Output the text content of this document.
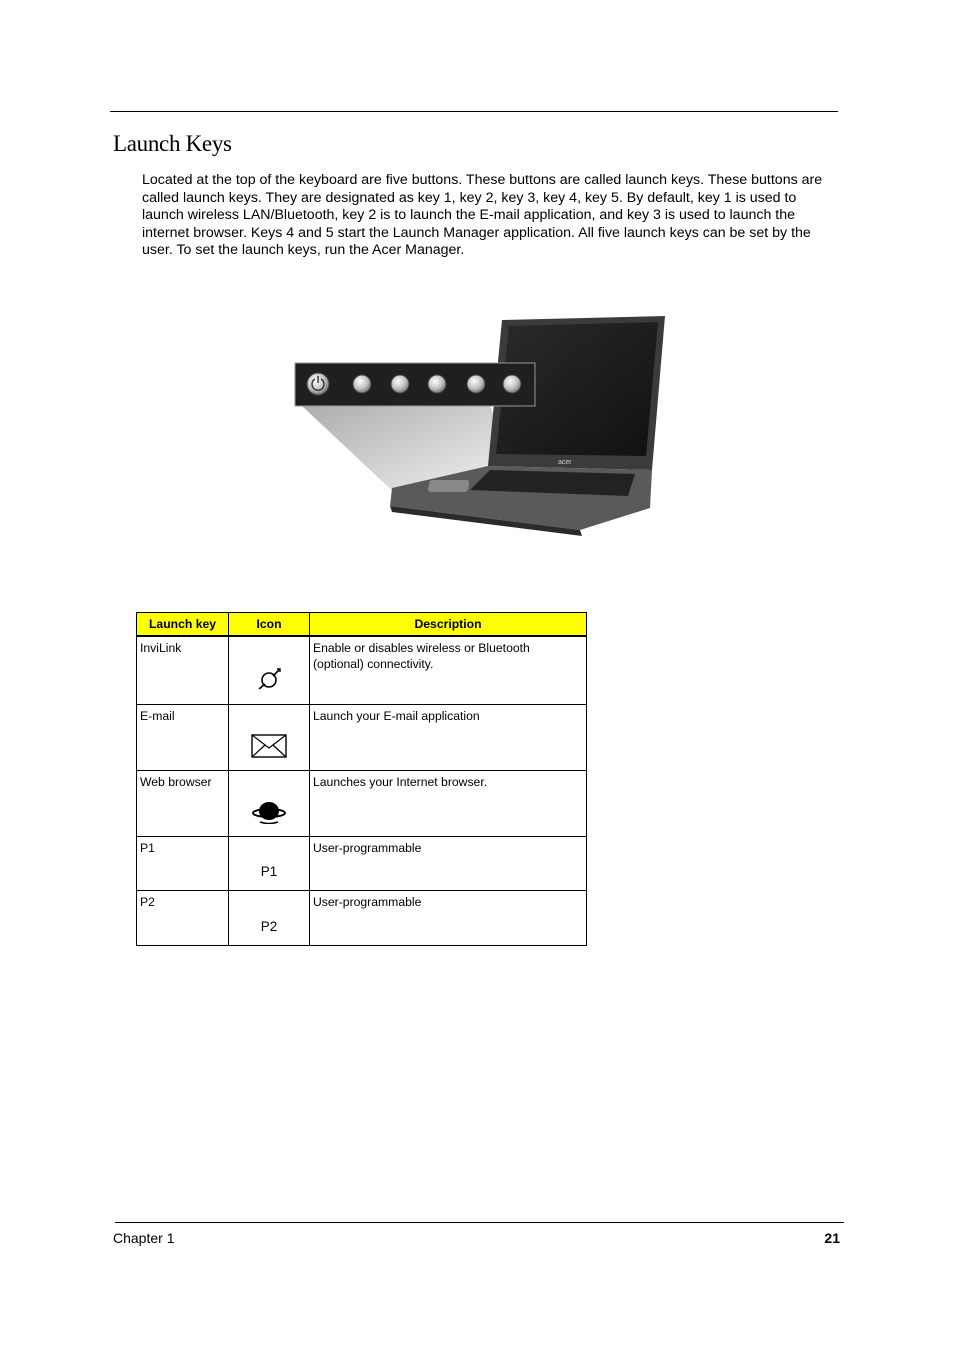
Launch Keys

Located at the top of the keyboard are five buttons. These buttons are called launch keys. These buttons are called launch keys. They are designated as key 1, key 2, key 3, key 4, key 5. By default, key 1 is used to launch wireless LAN/Bluetooth, key 2 is to launch the E-mail application, and key 3 is used to launch the internet browser. Keys 4 and 5 start the Launch Manager application. All five launch keys can be set by the user. To set the launch keys, run the Acer Manager.

acer
Launch key	Icon	Description
InviLink		Enable or disables wireless or Bluetooth (optional) connectivity.
E-mail		Launch your E-mail application
Web browser		Launches your Internet browser.
P1	P1	User-programmable
P2	P2	User-programmable
Chapter 1	21
